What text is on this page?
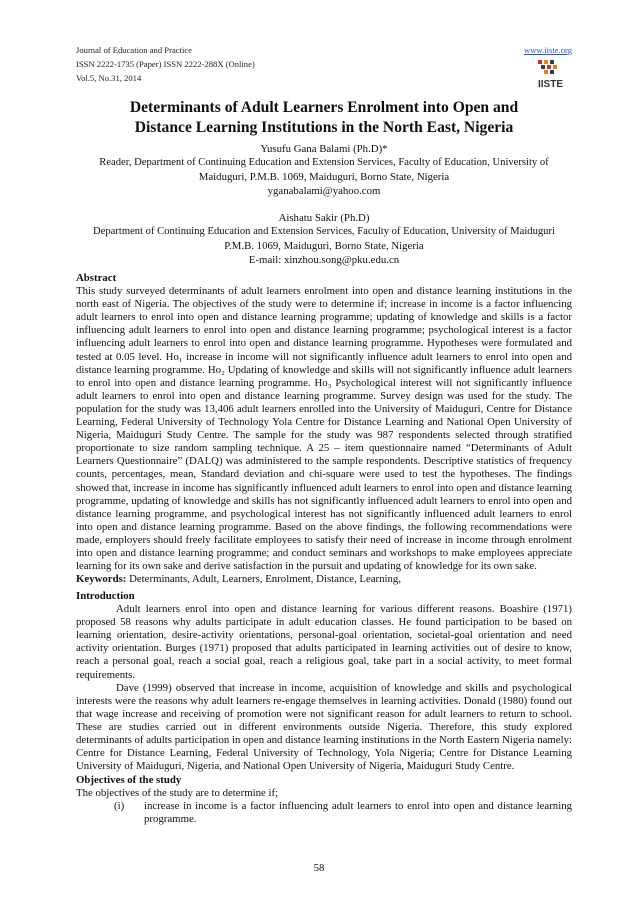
Journal of Education and Practice
ISSN 2222-1735 (Paper) ISSN 2222-288X (Online)
Vol.5, No.31, 2014
www.iiste.org
IISTE
Determinants of Adult Learners Enrolment into Open and
Distance Learning Institutions in the North East, Nigeria
Yusufu Gana Balami (Ph.D)*
Reader, Department of Continuing Education and Extension Services, Faculty of Education, University of
Maiduguri, P.M.B. 1069, Maiduguri, Borno State, Nigeria
yganabalami@yahoo.com
Aishatu Sakir (Ph.D)
Department of Continuing Education and Extension Services, Faculty of Education, University of Maiduguri
P.M.B. 1069, Maiduguri, Borno State, Nigeria
E-mail: xinzhou.song@pku.edu.cn

Abstract

This study surveyed determinants of adult learners enrolment into open and distance learning institutions in the north east of Nigeria. The objectives of the study were to determine if; increase in income is a factor influencing adult learners to enrol into open and distance learning programme; updating of knowledge and skills is a factor influencing adult learners to enrol into open and distance learning programme; psychological interest is a factor influencing adult learners to enrol into open and distance learning programme. Hypotheses were formulated and tested at 0.05 level. Ho₁ increase in income will not significantly influence adult learners to enrol into open and distance learning programme. Ho₂ Updating of knowledge and skills will not significantly influence adult learners to enrol into open and distance learning programme. Ho₃ Psychological interest will not significantly influence adult learners to enrol into open and distance learning programme. Survey design was used for the study. The population for the study was 13,406 adult learners enrolled into the University of Maiduguri, Centre for Distance Learning, Federal University of Technology Yola Centre for Distance Learning and National Open University of Nigeria, Maiduguri Study Centre. The sample for the study was 987 respondents selected through stratified proportionate to size random sampling technique. A 25 – item questionnaire named “Determinants of Adult Learners Questionnaire” (DALQ) was administered to the sample respondents. Descriptive statistics of frequency counts, percentages, mean, Standard deviation and chi-square were used to test the hypotheses. The findings showed that, increase in income has significantly influenced adult learners to enrol into open and distance learning programme, updating of knowledge and skills has not significantly influenced adult learners to enrol into open and distance learning programme, and psychological interest has not significantly influenced adult learners to enrol into open and distance learning programme. Based on the above findings, the following recommendations were made, employers should freely facilitate employees to satisfy their need of increase in income through enrolment into open and distance learning programme; and conduct seminars and workshops to make employees appreciate learning for its own sake and derive satisfaction in the pursuit and updating of knowledge for its own sake.

Keywords: Determinants, Adult, Learners, Enrolment, Distance, Learning,

Introduction

Adult learners enrol into open and distance learning for various different reasons. Boashire (1971) proposed 58 reasons why adults participate in adult education classes. He found participation to be based on learning orientation, desire-activity orientations, personal-goal orientation, societal-goal orientation and need activity orientation. Burges (1971) proposed that adults participated in learning activities out of desire to know, reach a personal goal, reach a social goal, reach a religious goal, take part in a social activity, to meet formal requirements.

Dave (1999) observed that increase in income, acquisition of knowledge and skills and psychological interests were the reasons why adult learners re-engage themselves in learning activities. Donald (1980) found out that wage increase and receiving of promotion were not significant reason for adult learners to return to school. These are studies carried out in different environments outside Nigeria. Therefore, this study explored determinants of adults participation in open and distance learning institutions in the North Eastern Nigeria namely: Centre for Distance Learning, Federal University of Technology, Yola Nigeria; Centre for Distance Learning University of Maiduguri, Nigeria, and National Open University of Nigeria, Maiduguri Study Centre.

Objectives of the study
The objectives of the study are to determine if;
(i) increase in income is a factor influencing adult learners to enrol into open and distance learning programme.
58
